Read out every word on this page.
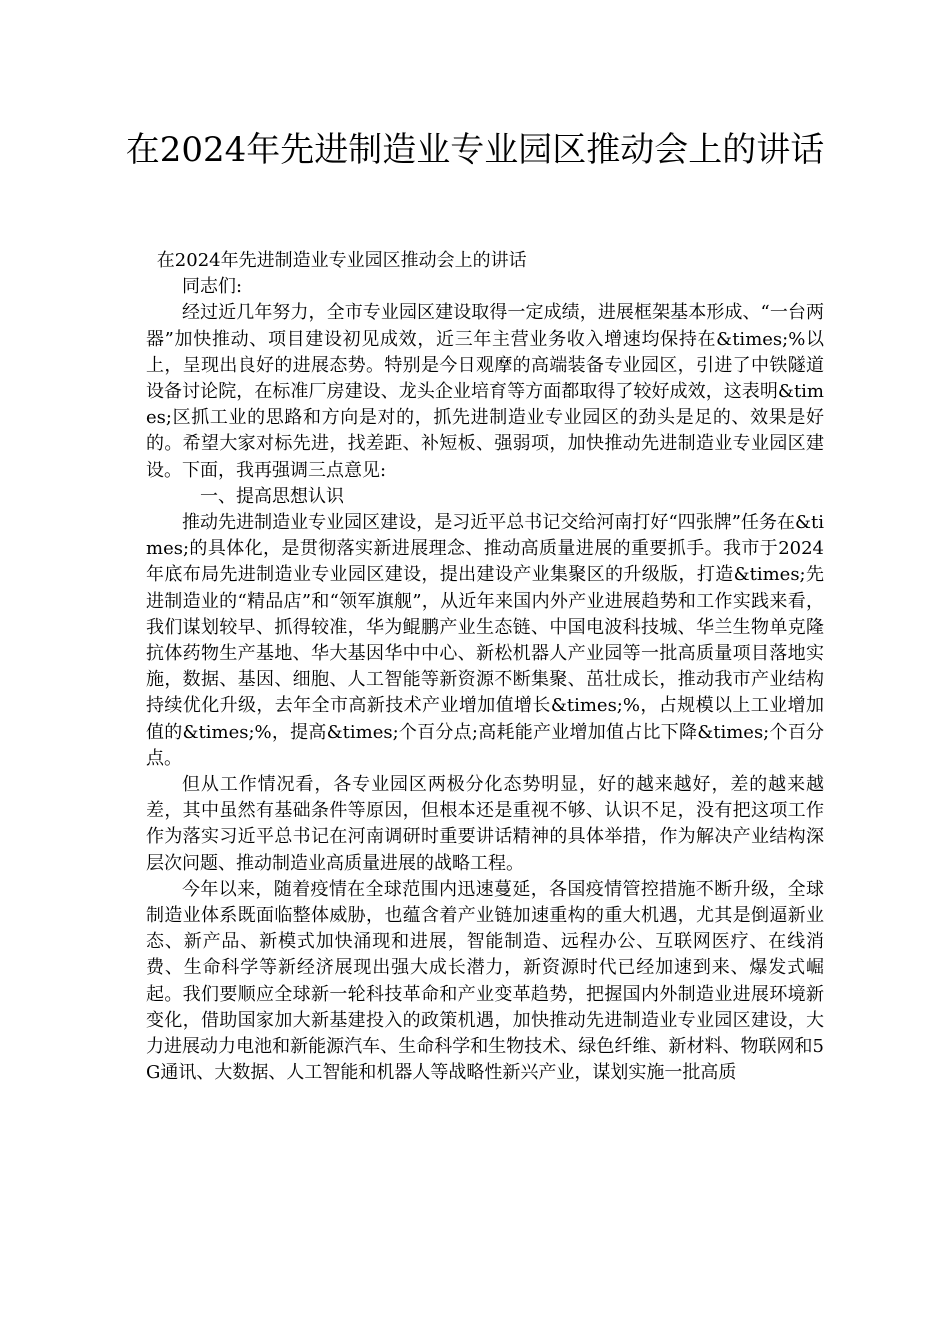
在2024年先进制造业专业园区推动会上的讲话

在2024年先进制造业专业园区推动会上的讲话

同志们:

经过近几年努力，全市专业园区建设取得一定成绩，进展框架基本形成、“一台两器”加快推动、项目建设初见成效，近三年主营业务收入增速均保持在&times;%以上，呈现出良好的进展态势。特别是今日观摩的高端装备专业园区，引进了中铁隧道设备讨论院，在标准厂房建设、龙头企业培育等方面都取得了较好成效，这表明&times;区抓工业的思路和方向是对的，抓先进制造业专业园区的劲头是足的、效果是好的。希望大家对标先进，找差距、补短板、强弱项，加快推动先进制造业专业园区建设。下面，我再强调三点意见:

一、提高思想认识

推动先进制造业专业园区建设，是习近平总书记交给河南打好“四张牌”任务在&times;的具体化，是贯彻落实新进展理念、推动高质量进展的重要抓手。我市于2024年底布局先进制造业专业园区建设，提出建设产业集聚区的升级版，打造&times;先进制造业的“精品店”和“领军旗舰”，从近年来国内外产业进展趋势和工作实践来看，我们谋划较早、抓得较准，华为鲲鹏产业生态链、中国电波科技城、华兰生物单克隆抗体药物生产基地、华大基因华中中心、新松机器人产业园等一批高质量项目落地实施，数据、基因、细胞、人工智能等新资源不断集聚、茁壮成长，推动我市产业结构持续优化升级，去年全市高新技术产业增加值增长&times;%，占规模以上工业增加值的&times;%，提高&times;个百分点;高耗能产业增加值占比下降&times;个百分点。

但从工作情况看，各专业园区两极分化态势明显，好的越来越好，差的越来越差，其中虽然有基础条件等原因，但根本还是重视不够、认识不足，没有把这项工作作为落实习近平总书记在河南调研时重要讲话精神的具体举措，作为解决产业结构深层次问题、推动制造业高质量进展的战略工程。

今年以来，随着疫情在全球范围内迅速蔓延，各国疫情管控措施不断升级，全球制造业体系既面临整体威胁，也蕴含着产业链加速重构的重大机遇，尤其是倒逼新业态、新产品、新模式加快涌现和进展，智能制造、远程办公、互联网医疗、在线消费、生命科学等新经济展现出强大成长潜力，新资源时代已经加速到来、爆发式崛起。我们要顺应全球新一轮科技革命和产业变革趋势，把握国内外制造业进展环境新变化，借助国家加大新基建投入的政策机遇，加快推动先进制造业专业园区建设，大力进展动力电池和新能源汽车、生命科学和生物技术、绿色纤维、新材料、物联网和5G通讯、大数据、人工智能和机器人等战略性新兴产业，谋划实施一批高质
